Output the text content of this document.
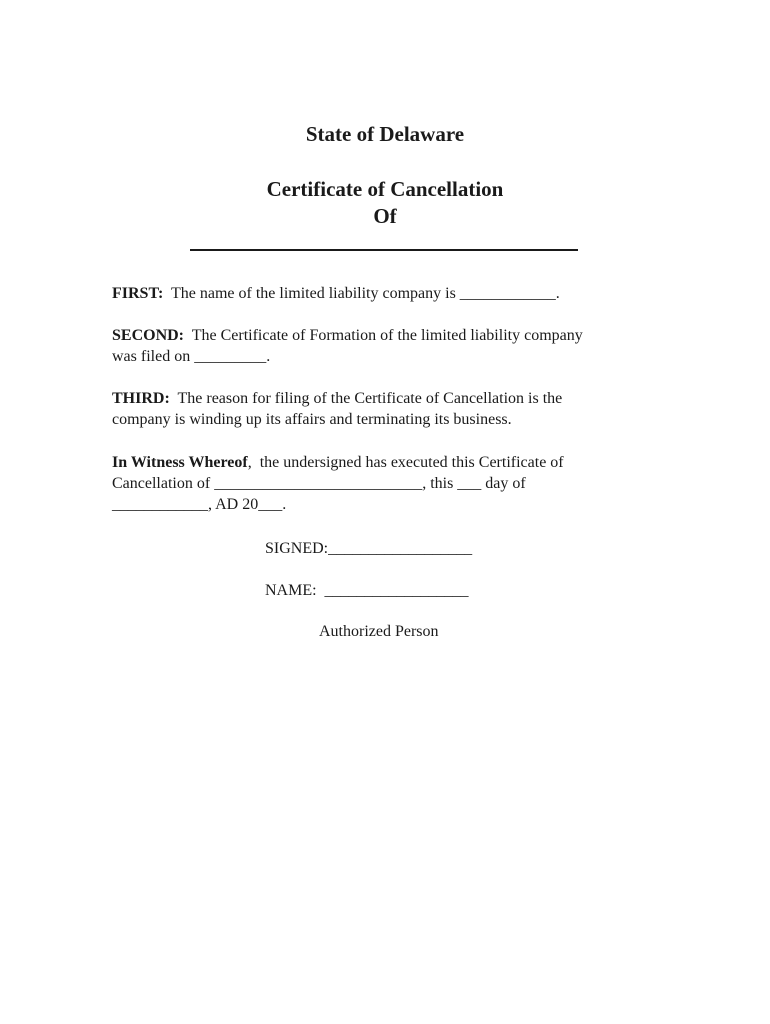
State of Delaware
Certificate of Cancellation
Of
FIRST:  The name of the limited liability company is ____________.
SECOND:  The Certificate of Formation of the limited liability company
was filed on _________.
THIRD:  The reason for filing of the Certificate of Cancellation is the
company is winding up its affairs and terminating its business.
In Witness Whereof,  the undersigned has executed this Certificate of
Cancellation of __________________________, this ___ day of
____________, AD 20___.
SIGNED:__________________
NAME:  __________________
Authorized Person
